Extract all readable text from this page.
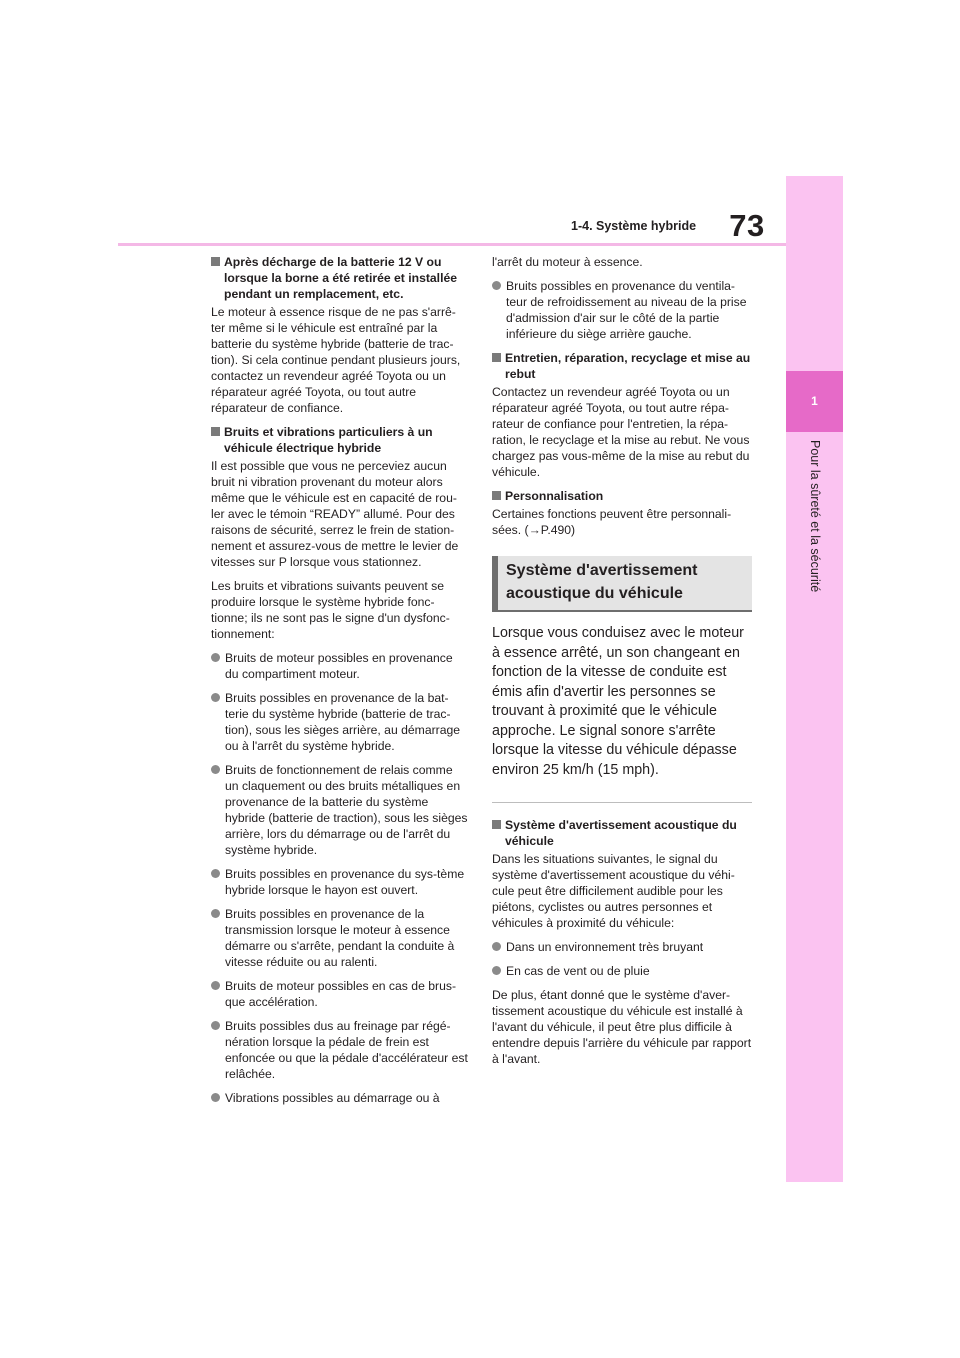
73
1-4. Système hybride
1
Pour la sûreté et la sécurité
Après décharge de la batterie 12 V ou lorsque la borne a été retirée et installée pendant un remplacement, etc.

Le moteur à essence risque de ne pas s'arrê-ter même si le véhicule est entraîné par la batterie du système hybride (batterie de trac-tion). Si cela continue pendant plusieurs jours, contactez un revendeur agréé Toyota ou un réparateur agréé Toyota, ou tout autre réparateur de confiance.

Bruits et vibrations particuliers à un véhicule électrique hybride

Il est possible que vous ne perceviez aucun bruit ni vibration provenant du moteur alors même que le véhicule est en capacité de rou-ler avec le témoin “READY” allumé. Pour des raisons de sécurité, serrez le frein de station-nement et assurez-vous de mettre le levier de vitesses sur P lorsque vous stationnez.

Les bruits et vibrations suivants peuvent se produire lorsque le système hybride fonc-tionne; ils ne sont pas le signe d'un dysfonc-tionnement:

Bruits de moteur possibles en provenance du compartiment moteur.
Bruits possibles en provenance de la bat-terie du système hybride (batterie de trac-tion), sous les sièges arrière, au démarrage ou à l'arrêt du système hybride.
Bruits de fonctionnement de relais comme un claquement ou des bruits métalliques en provenance de la batterie du système hybride (batterie de traction), sous les sièges arrière, lors du démarrage ou de l'arrêt du système hybride.
Bruits possibles en provenance du sys-tème hybride lorsque le hayon est ouvert.
Bruits possibles en provenance de la transmission lorsque le moteur à essence démarre ou s'arrête, pendant la conduite à vitesse réduite ou au ralenti.
Bruits de moteur possibles en cas de brus-que accélération.
Bruits possibles dus au freinage par régé-nération lorsque la pédale de frein est enfoncée ou que la pédale d'accélérateur est relâchée.
Vibrations possibles au démarrage ou à

l'arrêt du moteur à essence.

Bruits possibles en provenance du ventila-teur de refroidissement au niveau de la prise d'admission d'air sur le côté de la partie inférieure du siège arrière gauche.
Entretien, réparation, recyclage et mise au rebut

Contactez un revendeur agréé Toyota ou un réparateur agréé Toyota, ou tout autre répa-rateur de confiance pour l'entretien, la répa-ration, le recyclage et la mise au rebut. Ne vous chargez pas vous-même de la mise au rebut du véhicule.

Personnalisation

Certaines fonctions peuvent être personnali-sées. (→P.490)

Système d'avertissement acoustique du véhicule

Lorsque vous conduisez avec le moteur à essence arrêté, un son changeant en fonction de la vitesse de conduite est émis afin d'avertir les personnes se trouvant à proximité que le véhicule approche. Le signal sonore s'arrête lorsque la vitesse du véhicule dépasse environ 25 km/h (15 mph).

Système d'avertissement acoustique du véhicule

Dans les situations suivantes, le signal du système d'avertissement acoustique du véhi-cule peut être difficilement audible pour les piétons, cyclistes ou autres personnes et véhicules à proximité du véhicule:

Dans un environnement très bruyant
En cas de vent ou de pluie

De plus, étant donné que le système d'aver-tissement acoustique du véhicule est installé à l'avant du véhicule, il peut être plus difficile à entendre depuis l'arrière du véhicule par rapport à l'avant.
